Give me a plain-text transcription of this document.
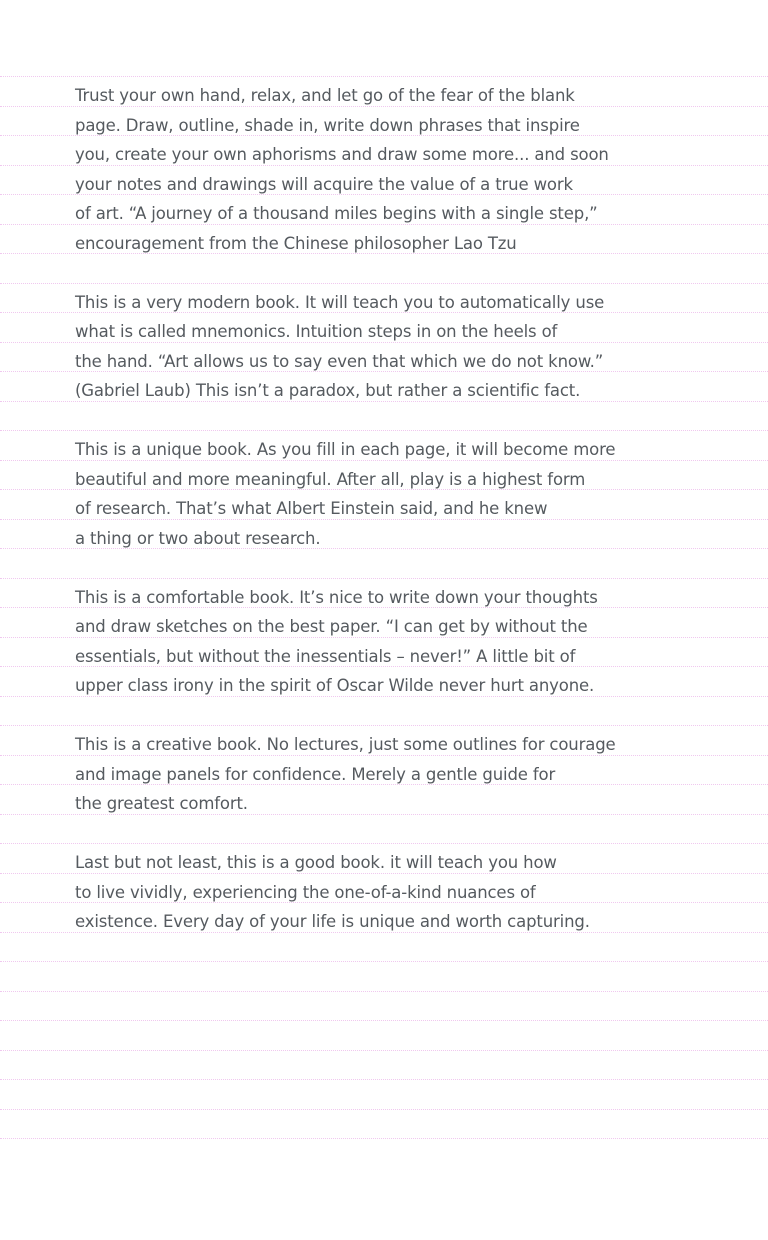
Trust your own hand, relax, and let go of the fear of the blank
page. Draw, outline, shade in, write down phrases that inspire
you, create your own aphorisms and draw some more... and soon
your notes and drawings will acquire the value of a true work
of art. “A journey of a thousand miles begins with a single step,”
encouragement from the Chinese philosopher Lao Tzu
This is a very modern book. It will teach you to automatically use
what is called mnemonics. Intuition steps in on the heels of
the hand. “Art allows us to say even that which we do not know.”
(Gabriel Laub) This isn’t a paradox, but rather a scientific fact.
This is a unique book. As you fill in each page, it will become more
beautiful and more meaningful. After all, play is a highest form
of research. That’s what Albert Einstein said, and he knew
a thing or two about research.
This is a comfortable book. It’s nice to write down your thoughts
and draw sketches on the best paper. “I can get by without the
essentials, but without the inessentials – never!” A little bit of
upper class irony in the spirit of Oscar Wilde never hurt anyone.
This is a creative book. No lectures, just some outlines for courage
and image panels for confidence. Merely a gentle guide for
the greatest comfort.
Last but not least, this is a good book. it will teach you how
to live vividly, experiencing the one-of-a-kind nuances of
existence. Every day of your life is unique and worth capturing.
